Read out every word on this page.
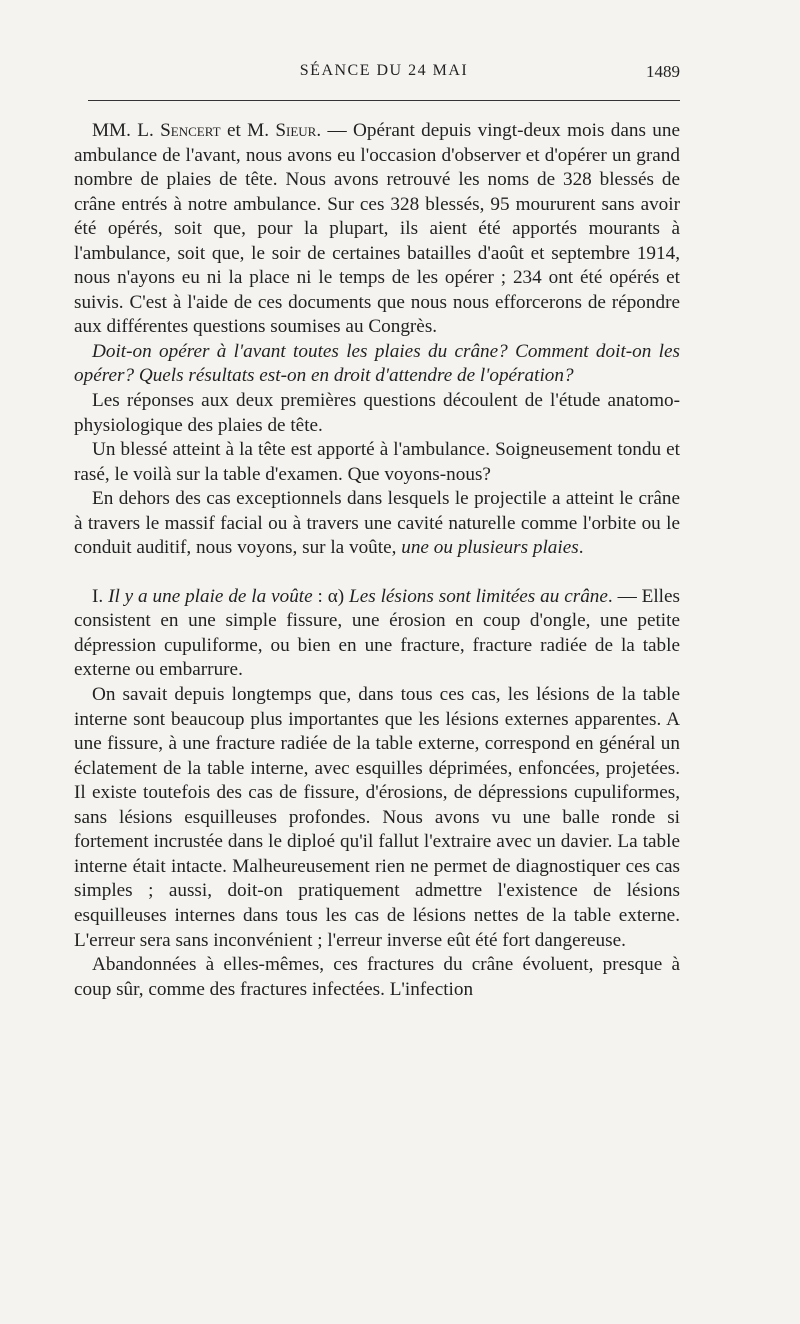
SÉANCE DU 24 MAI	1489

MM. L. Sencert et M. Sieur. — Opérant depuis vingt-deux mois dans une ambulance de l'avant, nous avons eu l'occasion d'observer et d'opérer un grand nombre de plaies de tête. Nous avons retrouvé les noms de 328 blessés de crâne entrés à notre ambulance. Sur ces 328 blessés, 95 moururent sans avoir été opérés, soit que, pour la plupart, ils aient été apportés mourants à l'ambulance, soit que, le soir de certaines batailles d'août et septembre 1914, nous n'ayons eu ni la place ni le temps de les opérer ; 234 ont été opérés et suivis. C'est à l'aide de ces documents que nous nous efforcerons de répondre aux différentes questions soumises au Congrès.

Doit-on opérer à l'avant toutes les plaies du crâne? Comment doit-on les opérer? Quels résultats est-on en droit d'attendre de l'opération?

Les réponses aux deux premières questions découlent de l'étude anatomo-physiologique des plaies de tête.

Un blessé atteint à la tête est apporté à l'ambulance. Soigneusement tondu et rasé, le voilà sur la table d'examen. Que voyons-nous?

En dehors des cas exceptionnels dans lesquels le projectile a atteint le crâne à travers le massif facial ou à travers une cavité naturelle comme l'orbite ou le conduit auditif, nous voyons, sur la voûte, une ou plusieurs plaies.

I. Il y a une plaie de la voûte : α) Les lésions sont limitées au crâne. — Elles consistent en une simple fissure, une érosion en coup d'ongle, une petite dépression cupuliforme, ou bien en une fracture, fracture radiée de la table externe ou embarrure.

On savait depuis longtemps que, dans tous ces cas, les lésions de la table interne sont beaucoup plus importantes que les lésions externes apparentes. A une fissure, à une fracture radiée de la table externe, correspond en général un éclatement de la table interne, avec esquilles déprimées, enfoncées, projetées. Il existe toutefois des cas de fissure, d'érosions, de dépressions cupuliformes, sans lésions esquilleuses profondes. Nous avons vu une balle ronde si fortement incrustée dans le diploé qu'il fallut l'extraire avec un davier. La table interne était intacte. Malheureusement rien ne permet de diagnostiquer ces cas simples ; aussi, doit-on pratiquement admettre l'existence de lésions esquilleuses internes dans tous les cas de lésions nettes de la table externe. L'erreur sera sans inconvénient ; l'erreur inverse eût été fort dangereuse.

Abandonnées à elles-mêmes, ces fractures du crâne évoluent, presque à coup sûr, comme des fractures infectées. L'infection
